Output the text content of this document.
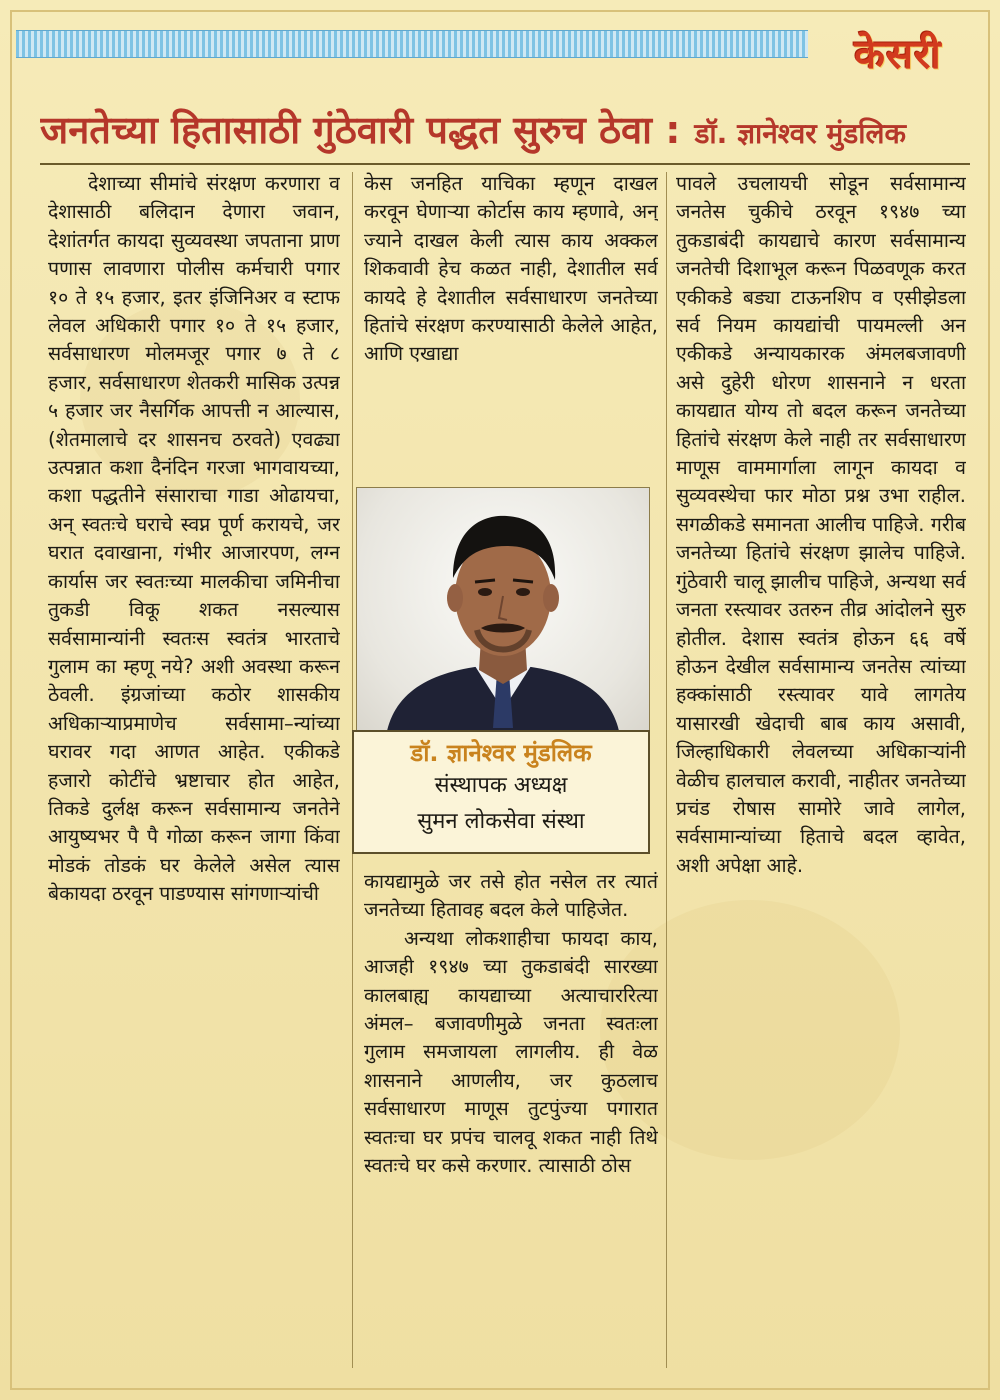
केसरी
जनतेच्या हितासाठी गुंठेवारी पद्धत सुरुच ठेवा : डॉ. ज्ञानेश्वर मुंडलिक

देशाच्या सीमांचे संरक्षण करणारा व देशासाठी बलिदान देणारा जवान, देशांतर्गत कायदा सुव्यवस्था जपताना प्राण पणास लावणारा पोलीस कर्मचारी पगार १० ते १५ हजार, इतर इंजिनिअर व स्टाफ लेवल अधिकारी पगार १० ते १५ हजार, सर्वसाधारण मोलमजूर पगार ७ ते ८ हजार, सर्वसाधारण शेतकरी मासिक उत्पन्न ५ हजार जर नैसर्गिक आपत्ती न आल्यास, (शेतमालाचे दर शासनच ठरवते) एवढ्या उत्पन्नात कशा दैनंदिन गरजा भागवायच्या, कशा पद्धतीने संसाराचा गाडा ओढायचा, अन् स्वतःचे घराचे स्वप्न पूर्ण करायचे, जर घरात दवाखाना, गंभीर आजारपण, लग्न कार्यास जर स्वतःच्या मालकीचा जमिनीचा तुकडी विकू शकत नसल्यास सर्वसामान्यांनी स्वतःस स्वतंत्र भारताचे गुलाम का म्हणू नये? अशी अवस्था करून ठेवली. इंग्रजांच्या कठोर शासकीय अधिकाऱ्याप्रमाणेच सर्वसामा–न्यांच्या घरावर गदा आणत आहेत. एकीकडे हजारो कोटींचे भ्रष्टाचार होत आहेत, तिकडे दुर्लक्ष करून सर्वसामान्य जनतेने आयुष्यभर पै पै गोळा करून जागा किंवा मोडकं तोडकं घर केलेले असेल त्यास बेकायदा ठरवून पाडण्यास सांगणाऱ्यांची

केस जनहित याचिका म्हणून दाखल करवून घेणाऱ्या कोर्टास काय म्हणावे, अन् ज्याने दाखल केली त्यास काय अक्कल शिकवावी हेच कळत नाही, देशातील सर्व कायदे हे देशातील सर्वसाधारण जनतेच्या हितांचे संरक्षण करण्यासाठी केलेले आहेत, आणि एखाद्या

डॉ. ज्ञानेश्वर मुंडलिक
संस्थापक अध्यक्ष
सुमन लोकसेवा संस्था

कायद्यामुळे जर तसे होत नसेल तर त्यातं जनतेच्या हितावह बदल केले पाहिजेत.

अन्यथा लोकशाहीचा फायदा काय, आजही १९४७ च्या तुकडाबंदी सारख्या कालबाह्य कायद्याच्या अत्याचाररित्या अंमल– बजावणीमुळे जनता स्वतःला गुलाम समजायला लागलीय. ही वेळ शासनाने आणलीय, जर कुठलाच सर्वसाधारण माणूस तुटपुंज्या पगारात स्वतःचा घर प्रपंच चालवू शकत नाही तिथे स्वतःचे घर कसे करणार. त्यासाठी ठोस

पावले उचलायची सोडून सर्वसामान्य जनतेस चुकीचे ठरवून १९४७ च्या तुकडाबंदी कायद्याचे कारण सर्वसामान्य जनतेची दिशाभूल करून पिळवणूक करत एकीकडे बड्या टाऊनशिप व एसीझेडला सर्व नियम कायद्यांची पायमल्ली अन एकीकडे अन्यायकारक अंमलबजावणी असे दुहेरी धोरण शासनाने न धरता कायद्यात योग्य तो बदल करून जनतेच्या हितांचे संरक्षण केले नाही तर सर्वसाधारण माणूस वाममार्गाला लागून कायदा व सुव्यवस्थेचा फार मोठा प्रश्न उभा राहील. सगळीकडे समानता आलीच पाहिजे. गरीब जनतेच्या हितांचे संरक्षण झालेच पाहिजे. गुंठेवारी चालू झालीच पाहिजे, अन्यथा सर्व जनता रस्त्यावर उतरुन तीव्र आंदोलने सुरु होतील. देशास स्वतंत्र होऊन ६६ वर्षे होऊन देखील सर्वसामान्य जनतेस त्यांच्या हक्कांसाठी रस्त्यावर यावे लागतेय यासारखी खेदाची बाब काय असावी, जिल्हाधिकारी लेवलच्या अधिकाऱ्यांनी वेळीच हालचाल करावी, नाहीतर जनतेच्या प्रचंड रोषास सामोरे जावे लागेल, सर्वसामान्यांच्या हिताचे बदल व्हावेत, अशी अपेक्षा आहे.
